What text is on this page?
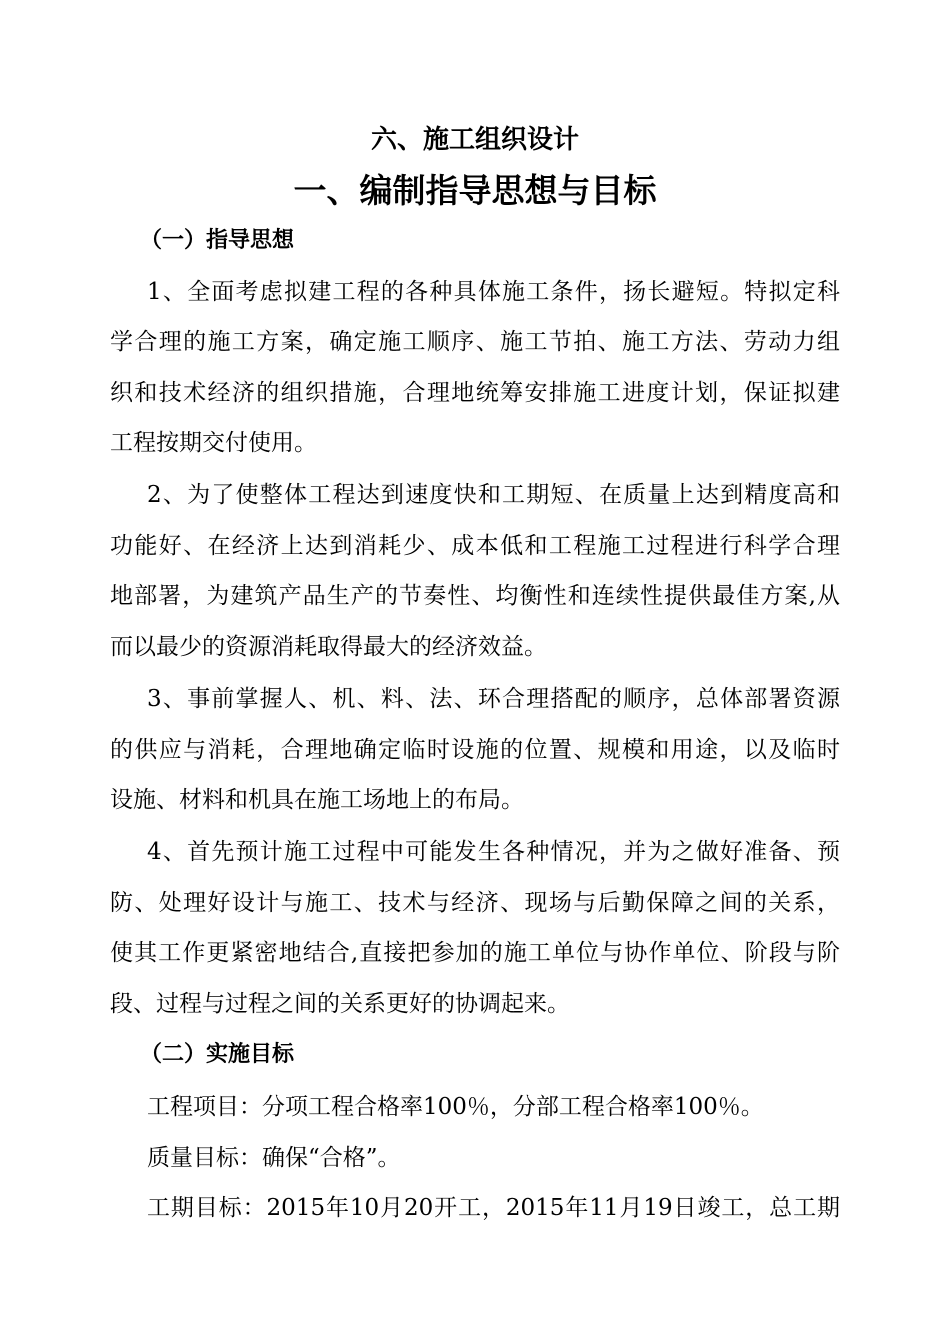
六、施工组织设计
一、编制指导思想与目标
（一）指导思想
1、全面考虑拟建工程的各种具体施工条件，扬长避短。特拟定科
学合理的施工方案，确定施工顺序、施工节拍、施工方法、劳动力组
织和技术经济的组织措施，合理地统筹安排施工进度计划，保证拟建
工程按期交付使用。
2、为了使整体工程达到速度快和工期短、在质量上达到精度高和
功能好、在经济上达到消耗少、成本低和工程施工过程进行科学合理
地部署，为建筑产品生产的节奏性、均衡性和连续性提供最佳方案,从
而以最少的资源消耗取得最大的经济效益。
3、事前掌握人、机、料、法、环合理搭配的顺序，总体部署资源
的供应与消耗，合理地确定临时设施的位置、规模和用途，以及临时
设施、材料和机具在施工场地上的布局。
4、首先预计施工过程中可能发生各种情况，并为之做好准备、预
防、处理好设计与施工、技术与经济、现场与后勤保障之间的关系，
使其工作更紧密地结合,直接把参加的施工单位与协作单位、阶段与阶
段、过程与过程之间的关系更好的协调起来。
（二）实施目标
工程项目：分项工程合格率100％，分部工程合格率100％。
质量目标：确保“合格”。
工期目标：2015年10月20开工，2015年11月19日竣工，总工期
